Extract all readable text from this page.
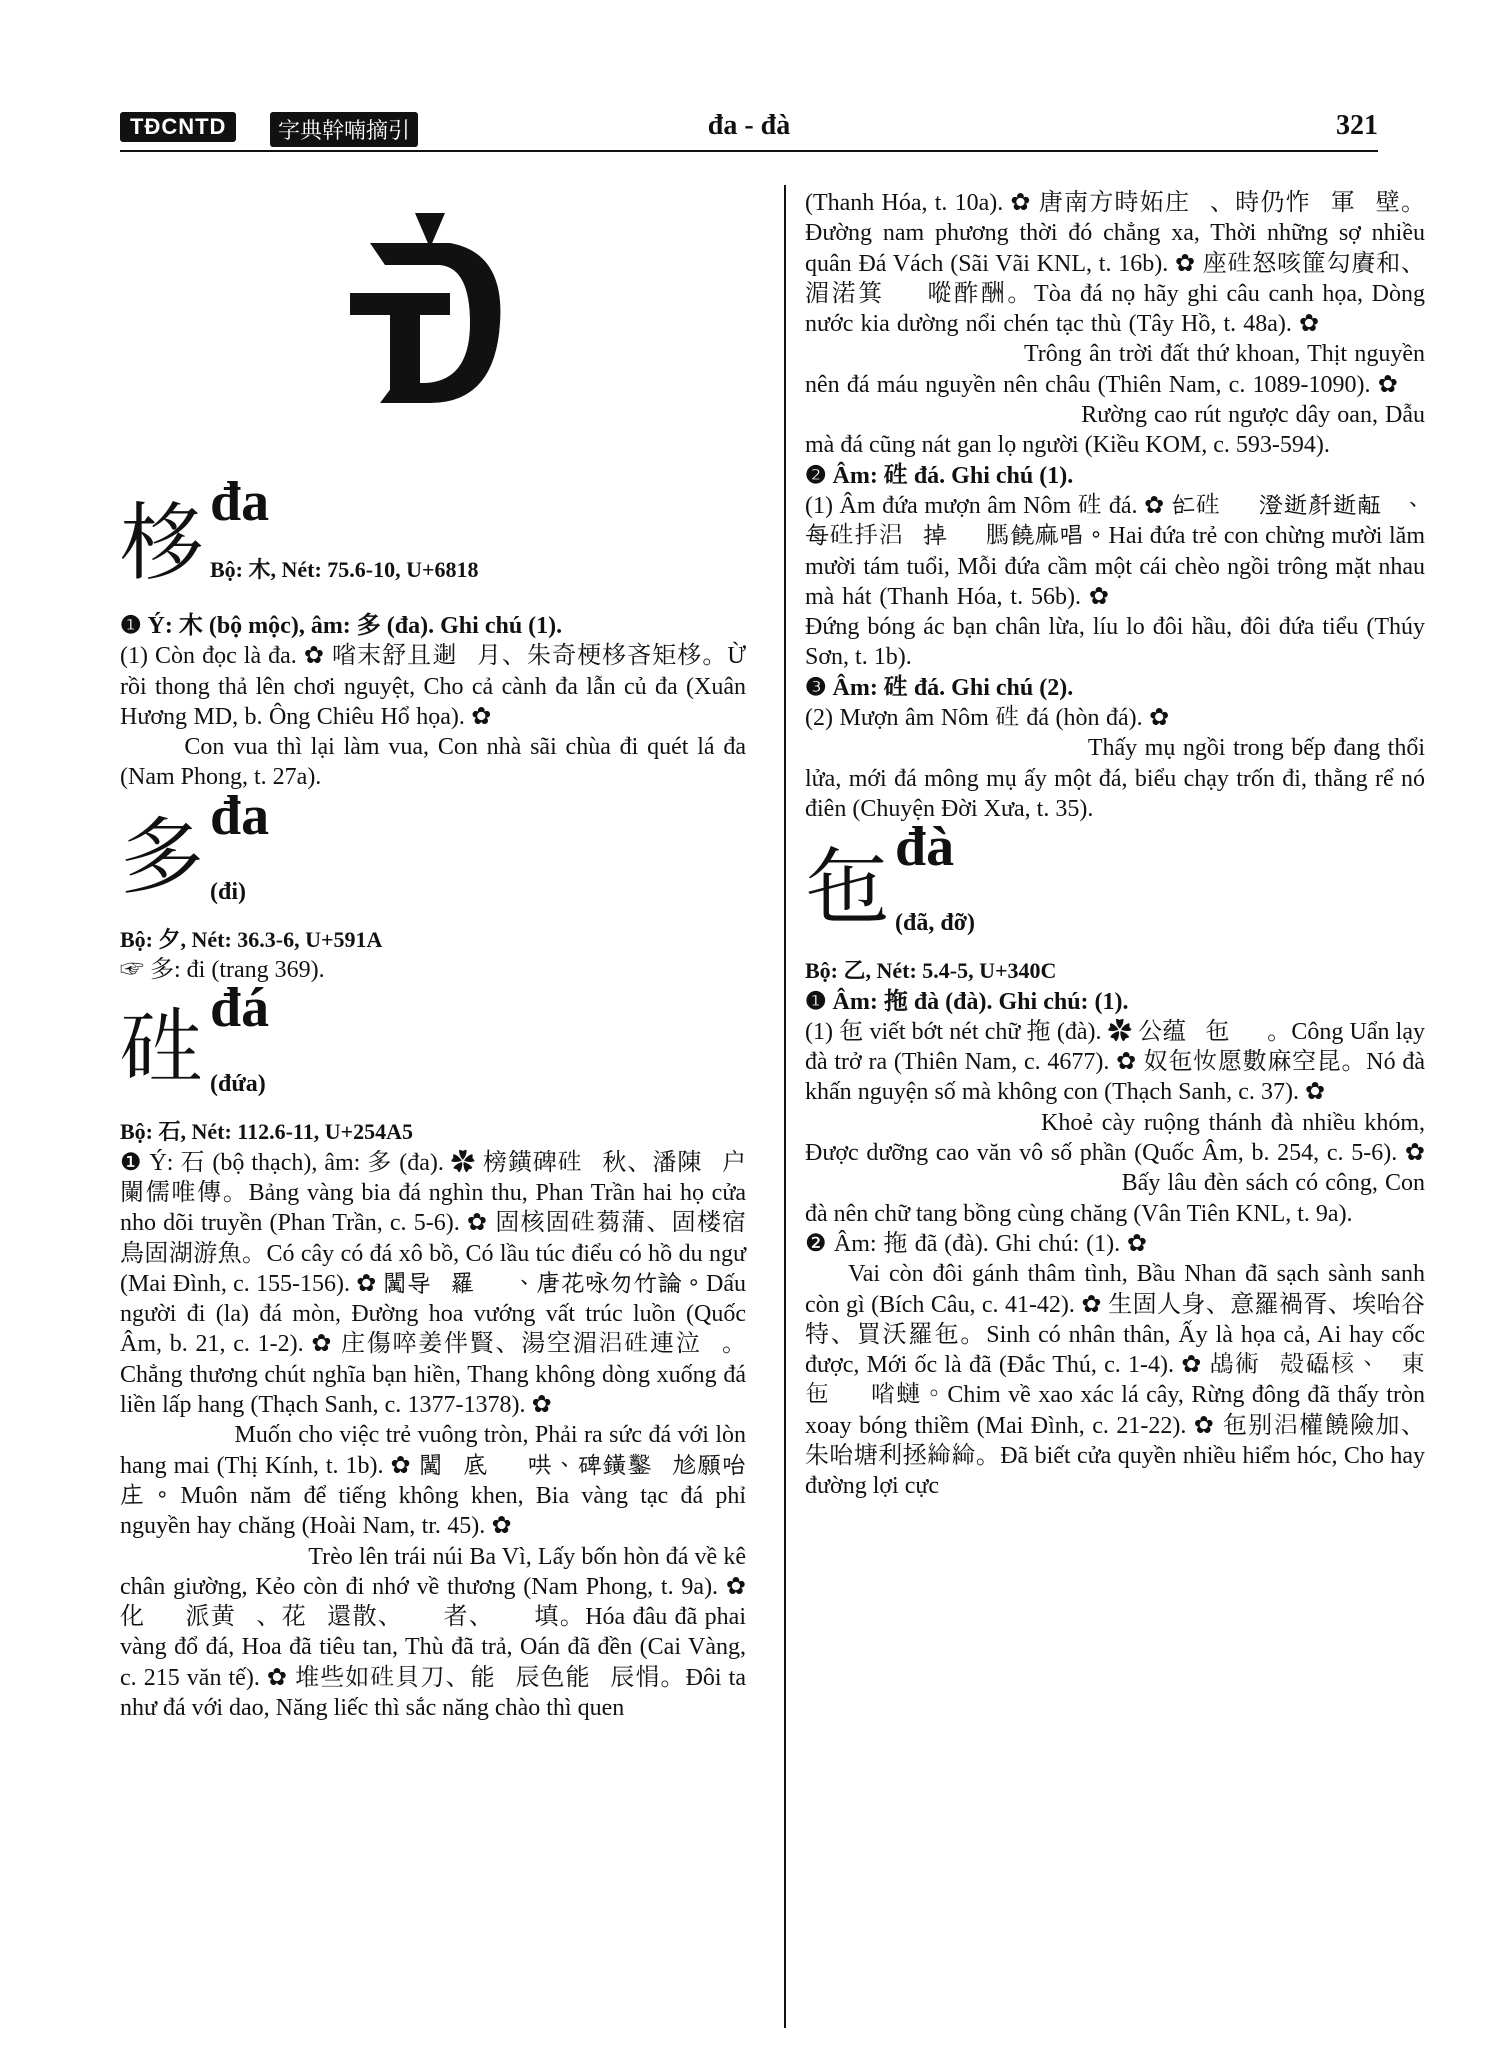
TĐCNTD	字典幹喃摘引	đa - đà	321
栘 đa
Bộ: 木, Nét: 75.6-10, U+6818

❶ Ý: 木 (bộ mộc), âm: 多 (đa). Ghi chú (1).

(1) Còn đọc là đa. ✿ 㗂末舒且𨔈𨖲月、朱奇梗栘吝矩栘。Ừ rồi thong thả lên chơi nguyệt, Cho cả cành đa lẫn củ đa (Xuân Hương MD, b. Ông Chiêu Hổ họa). ✿ 𢬣𫃚辰吏歹𫃚、𢬣茄𪮏厨𢬣决葉栘。Con vua thì lại làm vua, Con nhà sãi chùa đi quét lá đa (Nam Phong, t. 27a).

多 đa
(đi)

Bộ: 夕, Nét: 36.3-6, U+591A

☞ 多: đi (trang 369).

𥑥 đá
(đứa)

Bộ: 石, Nét: 112.6-11, U+254A5

❶ Ý: 石 (bộ thạch), âm: 多 (đa). ✿ 榜鐄碑𥑥𢆥秋、潘陳𠃣户闌儒唯傳。Bảng vàng bia đá nghìn thu, Phan Trần hai họ cửa nho dõi truyền (Phan Trần, c. 5-6). ✿ 固核固𥑥蒭蒲、固楼宿鳥固湖游魚。Có cây có đá xô bồ, Có lầu túc điểu có hồ du ngư (Mai Đình, c. 155-156). ✿ 𨷈导𢬭羅𥑥𪦣、唐花咏勿竹論。Dấu người đi (la) đá mòn, Đường hoa vướng vất trúc luồn (Quốc Âm, b. 21, c. 1-2). ✿ 庄傷啐姜伴賢、湯空湄𣳮𥑥連泣𡑝。Chẳng thương chút nghĩa bạn hiền, Thang không dòng xuống đá liền lấp hang (Thạch Sanh, c. 1377-1378). ✿ 𤴬朱役𢃊旗𨇉、沛𪶐餝𥑥買𨆝𡑝枚。Muốn cho việc trẻ vuông tròn, Phải ra sức đá với lòn hang mai (Thị Kính, t. 1b). ✿ 𨷈𢆥底㗂唴哄、碑鐄鑿𥑥𠃩願咍庄。Muôn năm để tiếng không khen, Bia vàng tạc đá phỉ nguyền hay chăng (Hoài Nam, tr. 45). ✿ 𨆝𨖲𡂑𡶀𠀧𡷈、𢬣𦊛𡑝𥑥衛𨅸𨇉、𢬣群𢬭汝衛傷。Trèo lên trái núi Ba Vì, Lấy bốn hòn đá về kê chân giường, Kẻo còn đi nhớ về thương (Nam Phong, t. 9a). ✿ 化𪤍𠀲派黄𥑥、花𠀲還散、𨋣𠀲者、𢙬𠀲填。Hóa đâu đã phai vàng đổ đá, Hoa đã tiêu tan, Thù đã trả, Oán đã đền (Cai Vàng, c. 215 văn tế). ✿ 堆些如𥑥貝刀、能𥕄辰色能𠸜辰悁。Đôi ta như đá với dao, Năng liếc thì sắc năng chào thì quen

(Thanh Hóa, t. 10a). ✿ 唐南方時妬庄𨖅、時仍怍𢜜軍𥑥壁。Đường nam phương thời đó chẳng xa, Thời những sợ nhiều quân Đá Vách (Sãi Vãi KNL, t. 16b). ✿ 座𥑥怒咳篚勾賡和、湄渃箕𨖲𤀒㗰酢酬。Tòa đá nọ hãy ghi câu canh họa, Dòng nước kia dường nổi chén tạc thù (Tây Hồ, t. 48a). ✿ 𥉫恩𡗶坦恕寬、𦧘願𢧚𥑥𦷨願𢧚珠。Trông ân trời đất thứ khoan, Thịt nguyền nên đá máu nguyền nên châu (Thiên Nam, c. 1089-1090). ✿ 𣘃高捽𢬣縺冤、𨢇麻𥑥供涅肝𢀲。Rường cao rút ngược dây oan, Dẫu mà đá cũng nát gan lọ người (Kiều KOM, c. 593-594).

❷ Âm: 𥑥 đá. Ghi chú (1).

(1) Âm đứa mượn âm Nôm 𥑥 đá. ✿ 𠄩𥑥𥘷𢬣澄逝𠦳逝𠄼𢆥、每𥑥抙𣳮𤴬掉𢬣𥉫𦟐饒麻唱。Hai đứa trẻ con chừng mười lăm mười tám tuổi, Mỗi đứa cầm một cái chèo ngồi trông mặt nhau mà hát (Thanh Hóa, t. 56b). ✿ 𨀈𤽗鵶伴𩠓𩢬、㖫㕠堆侯堆𥑥小。Đứng bóng ác bạn chân lừa, líu lo đôi hầu, đôi đứa tiểu (Thúy Sơn, t. 1b).

❸ Âm: 𥑥 đá. Ghi chú (2).

(2) Mượn âm Nôm 𥑥 đá (hòn đá). ✿ 𥚄媒坐冲𤏬當𠿿焒、買𥑥𦢞媒意没𥑥、表𢬭遁𢬭、𡬷壻奴𤸊。Thấy mụ ngồi trong bếp đang thổi lửa, mới đá mông mụ ấy một đá, biểu chạy trốn đi, thằng rể nó điên (Chuyện Đời Xưa, t. 35).

㐌 đà
(đã, đỡ)

Bộ: 乙, Nét: 5.4-5, U+340C

❶ Âm: 拖 đà (đà). Ghi chú: (1).

(1) 㐌 viết bớt nét chữ 拖 (đà). ✿ 公蕴𢬣㐌𧿫𠚢。Công Uẩn lạy đà trở ra (Thiên Nam, c. 4677). ✿ 奴㐌𢖵愿數麻空昆。Nó đà khấn nguyện số mà không con (Thạch Sanh, c. 37). ✿ 𨁪耒𦓡聖㐌饒坎、特養高文無數分。Khoẻ cày ruộng thánh đà nhiều khóm, Được dưỡng cao văn vô số phần (Quốc Âm, b. 254, c. 5-6). ✿ 𠸗数𤎎冊𠶢功、昆㐌𢧚𡨸桑蓬共庄。Bấy lâu đèn sách có công, Con đà nên chữ tang bồng cùng chăng (Vân Tiên KNL, t. 9a).

❷ Âm: 拖 đã (đà). Ghi chú: (1). ✿ 𥙩群堆梗深情、瓢顔㐌沚𡀲生群之。Vai còn đôi gánh thâm tình, Bầu Nhan đã sạch sành sanh còn gì (Bích Câu, c. 41-42). ✿ 生固人身、意羅禍胥、埃咍谷特、買沃羅㐌。Sinh có nhân thân, Ấy là họa cả, Ai hay cốc được, Mới ốc là đã (Đắc Thú, c. 1-4). ✿ 𪀄術𢴑殻𥗐核、𡗶東㐌𥚄𨆝㗂𧐖。Chim về xao xác lá cây, Rừng đông đã thấy tròn xoay bóng thiềm (Mai Đình, c. 21-22). ✿ 㐌别𣳮權饒險加、朱咍塘利拯𦁸𦁸。Đã biết cửa quyền nhiều hiểm hóc, Cho hay đường lợi cực
